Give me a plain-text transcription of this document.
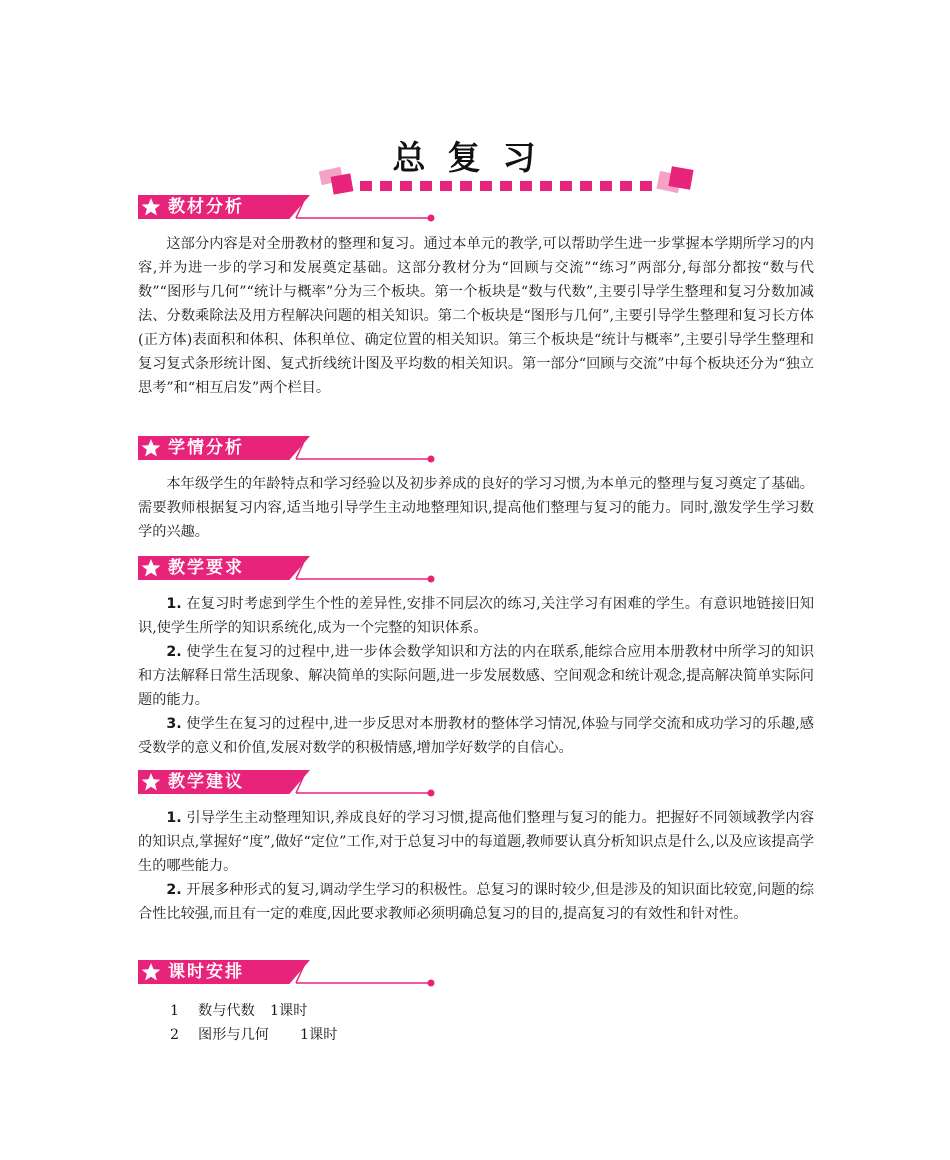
总复习
教材分析

这部分内容是对全册教材的整理和复习。通过本单元的教学,可以帮助学生进一步掌握本学期所学习的内容,并为进一步的学习和发展奠定基础。这部分教材分为“回顾与交流”“练习”两部分,每部分都按“数与代数”“图形与几何”“统计与概率”分为三个板块。第一个板块是“数与代数”,主要引导学生整理和复习分数加减法、分数乘除法及用方程解决问题的相关知识。第二个板块是“图形与几何”,主要引导学生整理和复习长方体(正方体)表面积和体积、体积单位、确定位置的相关知识。第三个板块是“统计与概率”,主要引导学生整理和复习复式条形统计图、复式折线统计图及平均数的相关知识。第一部分“回顾与交流”中每个板块还分为“独立思考”和“相互启发”两个栏目。

学情分析

本年级学生的年龄特点和学习经验以及初步养成的良好的学习习惯,为本单元的整理与复习奠定了基础。需要教师根据复习内容,适当地引导学生主动地整理知识,提高他们整理与复习的能力。同时,激发学生学习数学的兴趣。

教学要求

1. 在复习时考虑到学生个性的差异性,安排不同层次的练习,关注学习有困难的学生。有意识地链接旧知识,使学生所学的知识系统化,成为一个完整的知识体系。

2. 使学生在复习的过程中,进一步体会数学知识和方法的内在联系,能综合应用本册教材中所学习的知识和方法解释日常生活现象、解决简单的实际问题,进一步发展数感、空间观念和统计观念,提高解决简单实际问题的能力。

3. 使学生在复习的过程中,进一步反思对本册教材的整体学习情况,体验与同学交流和成功学习的乐趣,感受数学的意义和价值,发展对数学的积极情感,增加学好数学的自信心。

教学建议

1. 引导学生主动整理知识,养成良好的学习习惯,提高他们整理与复习的能力。把握好不同领域教学内容的知识点,掌握好“度”,做好“定位”工作,对于总复习中的每道题,教师要认真分析知识点是什么,以及应该提高学生的哪些能力。

2. 开展多种形式的复习,调动学生学习的积极性。总复习的课时较少,但是涉及的知识面比较宽,问题的综合性比较强,而且有一定的难度,因此要求教师必须明确总复习的目的,提高复习的有效性和针对性。

课时安排
1 数与代数 1课时
2 图形与几何 1课时
